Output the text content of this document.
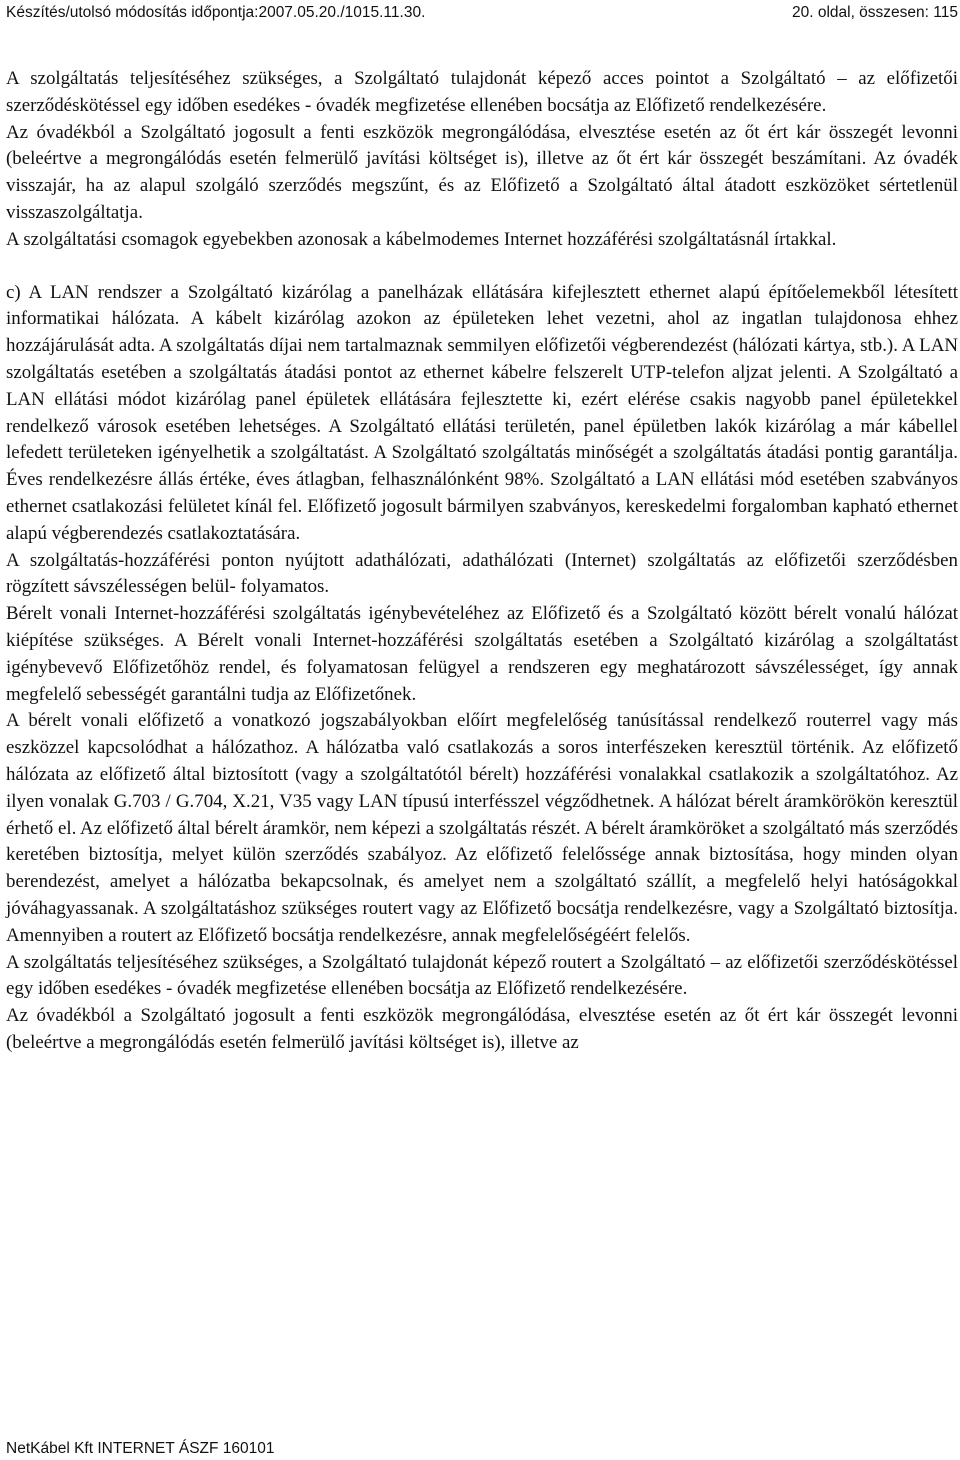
Készítés/utolsó módosítás időpontja:2007.05.20./1015.11.30.	20. oldal, összesen: 115

A szolgáltatás teljesítéséhez szükséges, a Szolgáltató tulajdonát képező acces pointot a Szolgáltató – az előfizetői szerződéskötéssel egy időben esedékes - óvadék megfizetése ellenében bocsátja az Előfizető rendelkezésére.

Az óvadékból a Szolgáltató jogosult a fenti eszközök megrongálódása, elvesztése esetén az őt ért kár összegét levonni (beleértve a megrongálódás esetén felmerülő javítási költséget is), illetve az őt ért kár összegét beszámítani. Az óvadék visszajár, ha az alapul szolgáló szerződés megszűnt, és az Előfizető a Szolgáltató által átadott eszközöket sértetlenül visszaszolgáltatja.

A szolgáltatási csomagok egyebekben azonosak a kábelmodemes Internet hozzáférési szolgáltatásnál írtakkal.

c) A LAN rendszer a Szolgáltató kizárólag a panelházak ellátására kifejlesztett ethernet alapú építőelemekből létesített informatikai hálózata. A kábelt kizárólag azokon az épületeken lehet vezetni, ahol az ingatlan tulajdonosa ehhez hozzájárulását adta. A szolgáltatás díjai nem tartalmaznak semmilyen előfizetői végberendezést (hálózati kártya, stb.). A LAN szolgáltatás esetében a szolgáltatás átadási pontot az ethernet kábelre felszerelt UTP-telefon aljzat jelenti. A Szolgáltató a LAN ellátási módot kizárólag panel épületek ellátására fejlesztette ki, ezért elérése csakis nagyobb panel épületekkel rendelkező városok esetében lehetséges. A Szolgáltató ellátási területén, panel épületben lakók kizárólag a már kábellel lefedett területeken igényelhetik a szolgáltatást. A Szolgáltató szolgáltatás minőségét a szolgáltatás átadási pontig garantálja. Éves rendelkezésre állás értéke, éves átlagban, felhasználónként 98%. Szolgáltató a LAN ellátási mód esetében szabványos ethernet csatlakozási felületet kínál fel. Előfizető jogosult bármilyen szabványos, kereskedelmi forgalomban kapható ethernet alapú végberendezés csatlakoztatására.

A szolgáltatás-hozzáférési ponton nyújtott adathálózati, adathálózati (Internet) szolgáltatás az előfizetői szerződésben rögzített sávszélességen belül- folyamatos.

Bérelt vonali Internet-hozzáférési szolgáltatás igénybevételéhez az Előfizető és a Szolgáltató között bérelt vonalú hálózat kiépítése szükséges. A Bérelt vonali Internet-hozzáférési szolgáltatás esetében a Szolgáltató kizárólag a szolgáltatást igénybevevő Előfizetőhöz rendel, és folyamatosan felügyel a rendszeren egy meghatározott sávszélességet, így annak megfelelő sebességét garantálni tudja az Előfizetőnek.

A bérelt vonali előfizető a vonatkozó jogszabályokban előírt megfelelőség tanúsítással rendelkező routerrel vagy más eszközzel kapcsolódhat a hálózathoz. A hálózatba való csatlakozás a soros interfészeken keresztül történik. Az előfizető hálózata az előfizető által biztosított (vagy a szolgáltatótól bérelt) hozzáférési vonalakkal csatlakozik a szolgáltatóhoz. Az ilyen vonalak G.703 / G.704, X.21, V35 vagy LAN típusú interfésszel végződhetnek. A hálózat bérelt áramkörökön keresztül érhető el. Az előfizető által bérelt áramkör, nem képezi a szolgáltatás részét. A bérelt áramköröket a szolgáltató más szerződés keretében biztosítja, melyet külön szerződés szabályoz. Az előfizető felelőssége annak biztosítása, hogy minden olyan berendezést, amelyet a hálózatba bekapcsolnak, és amelyet nem a szolgáltató szállít, a megfelelő helyi hatóságokkal jóváhagyassanak. A szolgáltatáshoz szükséges routert vagy az Előfizető bocsátja rendelkezésre, vagy a Szolgáltató biztosítja. Amennyiben a routert az Előfizető bocsátja rendelkezésre, annak megfelelőségéért felelős.

A szolgáltatás teljesítéséhez szükséges, a Szolgáltató tulajdonát képező routert a Szolgáltató – az előfizetői szerződéskötéssel egy időben esedékes - óvadék megfizetése ellenében bocsátja az Előfizető rendelkezésére.

Az óvadékból a Szolgáltató jogosult a fenti eszközök megrongálódása, elvesztése esetén az őt ért kár összegét levonni (beleértve a megrongálódás esetén felmerülő javítási költséget is), illetve az

NetKábel Kft INTERNET ÁSZF 160101
